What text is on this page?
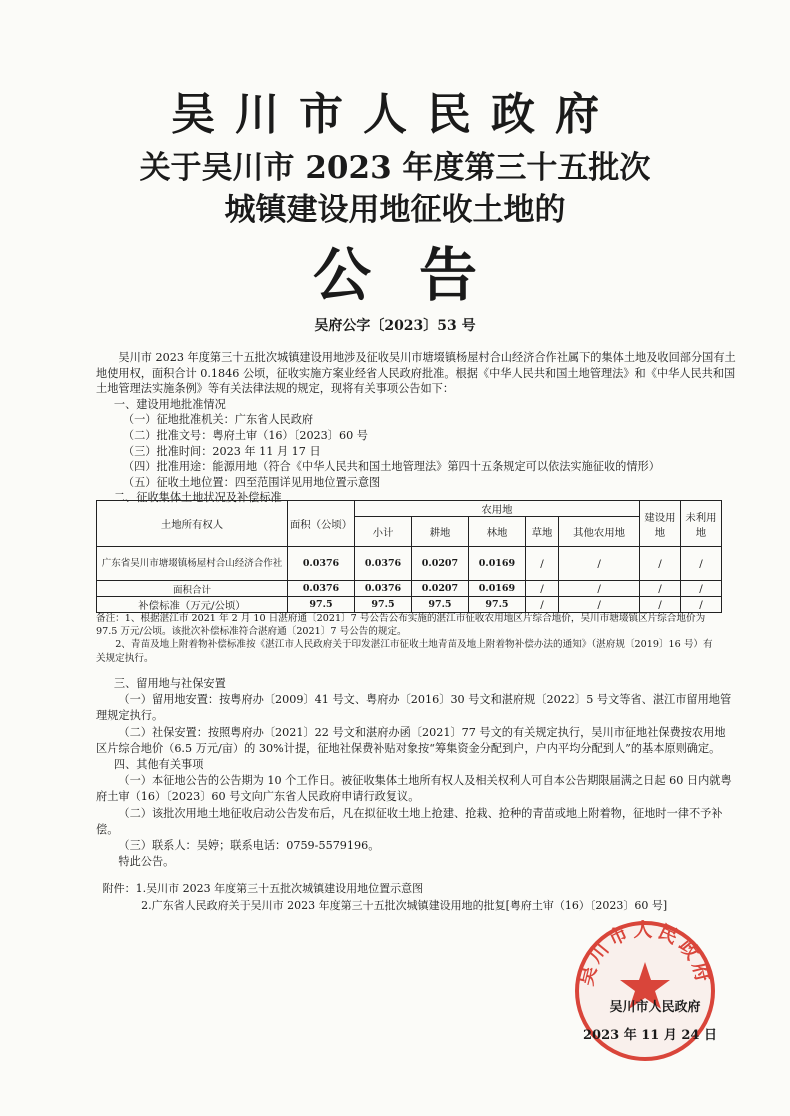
吴川市人民政府
关于吴川市 2023 年度第三十五批次
城镇建设用地征收土地的
公告
吴府公字〔2023〕53 号

吴川市 2023 年度第三十五批次城镇建设用地涉及征收吴川市塘㙍镇杨屋村合山经济合作社属下的集体土地及收回部分国有土地使用权，面积合计 0.1846 公顷，征收实施方案业经省人民政府批准。根据《中华人民共和国土地管理法》和《中华人民共和国土地管理法实施条例》等有关法律法规的规定，现将有关事项公告如下：

一、建设用地批准情况

（一）征地批准机关：广东省人民政府

（二）批准文号：粤府土审（16）〔2023〕60 号

（三）批准时间：2023 年 11 月 17 日

（四）批准用途：能源用地（符合《中华人民共和国土地管理法》第四十五条规定可以依法实施征收的情形）

（五）征收土地位置：四至范围详见用地位置示意图

二、征收集体土地状况及补偿标准

土地所有权人	面积（公顷）	农用地					建设用地	未利用地
		小计	耕地	林地	草地	其他农用地		
广东省吴川市塘㙍镇杨屋村合山经济合作社	0.0376	0.0376	0.0207	0.0169	/	/	/	/
面积合计	0.0376	0.0376	0.0207	0.0169	/	/	/	/
补偿标准（万元/公顷）	97.5	97.5	97.5	97.5	/	/	/	/

备注：1、根据湛江市 2021 年 2 月 10 日湛府通〔2021〕7 号公告公布实施的湛江市征收农用地区片综合地价，吴川市塘㙍镇区片综合地价为 97.5 万元/公顷。该批次补偿标准符合湛府通〔2021〕7 号公告的规定。

2、青苗及地上附着物补偿标准按《湛江市人民政府关于印发湛江市征收土地青苗及地上附着物补偿办法的通知》（湛府规〔2019〕16 号）有关规定执行。

三、留用地与社保安置

（一）留用地安置：按粤府办〔2009〕41 号文、粤府办〔2016〕30 号文和湛府规〔2022〕5 号文等省、湛江市留用地管理规定执行。

（二）社保安置：按照粤府办〔2021〕22 号文和湛府办函〔2021〕77 号文的有关规定执行，吴川市征地社保费按农用地区片综合地价（6.5 万元/亩）的 30%计提，征地社保费补贴对象按“筹集资金分配到户，户内平均分配到人”的基本原则确定。

四、其他有关事项

（一）本征地公告的公告期为 10 个工作日。被征收集体土地所有权人及相关权利人可自本公告期限届满之日起 60 日内就粤府土审（16）〔2023〕60 号文向广东省人民政府申请行政复议。

（二）该批次用地土地征收启动公告发布后，凡在拟征收土地上抢建、抢栽、抢种的青苗或地上附着物，征地时一律不予补偿。

（三）联系人：吴婷；联系电话：0759-5579196。

特此公告。

附件：1.吴川市 2023 年度第三十五批次城镇建设用地位置示意图

2.广东省人民政府关于吴川市 2023 年度第三十五批次城镇建设用地的批复[粤府土审（16）〔2023〕60 号]

吴川市人民政府
吴川市人民政府
2023 年 11 月 24 日
